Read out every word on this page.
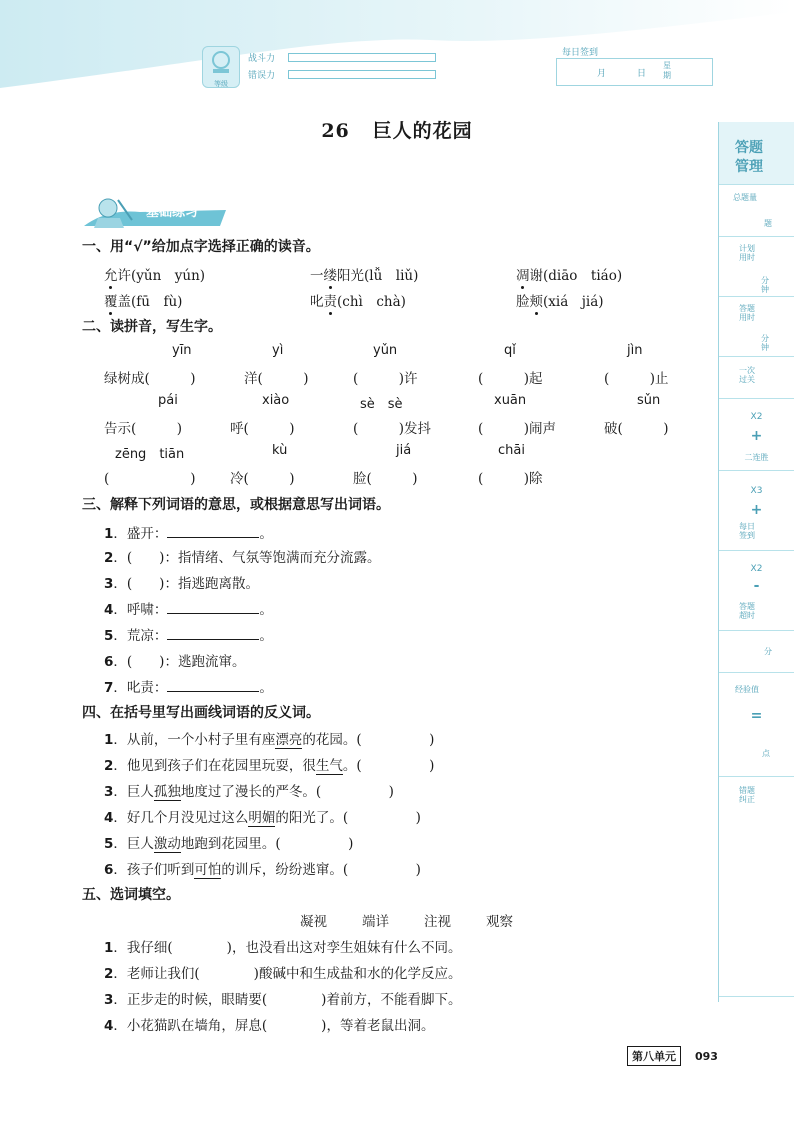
等级
战斗力
错误力
每日签到
月	日
星期
26 巨人的花园
基础练习
一、用“√”给加点字选择正确的读音。
允许(yǔn　yún)	一缕阳光(lǚ　liǔ)	凋谢(diāo　tiáo)
覆盖(fū　fù)	叱责(chì　chà)	脸颊(xiá　jiá)
二、读拼音，写生字。
yīn	yì	yǔn	qǐ	jìn
绿树成(　　　)	洋(　　　)	(　　　)许	(　　　)起	(　　　)止
pái	xiào	sè　sè	xuān	sǔn
告示(　　　)	呼(　　　)	(　　　)发抖	(　　　)闹声	破(　　　)
zēng　tiān	kù	jiá	chāi
(　　　　　　)	冷(　　　)	脸(　　　)	(　　　)除
三、解释下列词语的意思，或根据意思写出词语。
1．盛开：	。
2．(　　)：指情绪、气氛等饱满而充分流露。
3．(　　)：指逃跑离散。
4．呼啸：	。
5．荒凉：	。
6．(　　)：逃跑流窜。
7．叱责：	。
四、在括号里写出画线词语的反义词。
1．从前，一个小村子里有座漂亮的花园。(　　　　　)
2．他见到孩子们在花园里玩耍，很生气。(　　　　　)
3．巨人孤独地度过了漫长的严冬。(　　　　　)
4．好几个月没见过这么明媚的阳光了。(　　　　　)
5．巨人激动地跑到花园里。(　　　　　)
6．孩子们听到可怕的训斥，纷纷逃窜。(　　　　　)
五、选词填空。
凝视	端详	注视	观察
1．我仔细(　　　　)，也没看出这对孪生姐妹有什么不同。
2．老师让我们(　　　　)酸碱中和生成盐和水的化学反应。
3．正步走的时候，眼睛要(　　　　)着前方，不能看脚下。
4．小花猫趴在墙角，屏息(　　　　)，等着老鼠出洞。
答题
管理
总题量
题
计划用时
分钟
答题用时
分钟
一次过关
X2
+
二连胜
X3
+
每日签到
X2
-
答题超时
分
经验值
=
点
错题纠正
第八单元	093
